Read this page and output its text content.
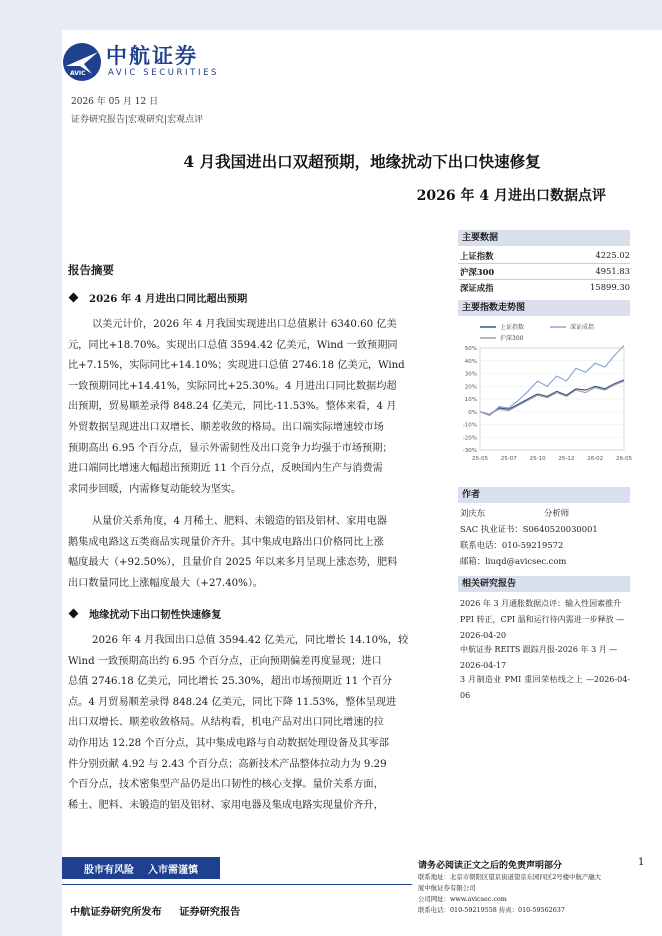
AVIC
中航证券
AVIC SECURITIES
2026 年 05 月 12 日
证券研究报告|宏观研究|宏观点评
4 月我国进出口双超预期，地缘扰动下出口快速修复
2026 年 4 月进出口数据点评
报告摘要
2026 年 4 月进出口同比超出预期
以美元计价，2026 年 4 月我国实现进出口总值累计 6340.60 亿美
元，同比+18.70%。实现出口总值 3594.42 亿美元，Wind 一致预期同
比+7.15%，实际同比+14.10%；实现进口总值 2746.18 亿美元，Wind
一致预期同比+14.41%，实际同比+25.30%。4 月进出口同比数据均超
出预期，贸易顺差录得 848.24 亿美元，同比-11.53%。整体来看，4 月
外贸数据呈现进出口双增长、顺差收敛的格局。出口端实际增速较市场
预期高出 6.95 个百分点，显示外需韧性及出口竞争力均强于市场预期；
进口端同比增速大幅超出预期近 11 个百分点，反映国内生产与消费需
求同步回暖，内需修复动能较为坚实。
从量价关系角度，4 月稀土、肥料、未锻造的铝及铝材、家用电器
鹅集成电路这五类商品实现量价齐升。其中集成电路出口价格同比上涨
幅度最大（+92.50%），且量价自 2025 年以来多月呈现上涨态势，肥料
出口数量同比上涨幅度最大（+27.40%）。
地缘扰动下出口韧性快速修复
2026 年 4 月我国出口总值 3594.42 亿美元，同比增长 14.10%，较
Wind 一致预期高出约 6.95 个百分点，正向预期偏差再度显现；进口
总值 2746.18 亿美元，同比增长 25.30%，超出市场预期近 11 个百分
点。4 月贸易顺差录得 848.24 亿美元，同比下降 11.53%，整体呈现进
出口双增长、顺差收敛格局。从结构看，机电产品对出口同比增速的拉
动作用达 12.28 个百分点，其中集成电路与自动数据处理设备及其零部
件分别贡献 4.92 与 2.43 个百分点；高新技术产品整体拉动力为 9.29
个百分点，技术密集型产品仍是出口韧性的核心支撑。量价关系方面，
稀土、肥料、未锻造的铝及铝材、家用电器及集成电路实现量价齐升，
主要数据
上证指数	4225.02
沪深300	4951.83
深证成指	15899.30
主要指数走势图
50%
40%
30%
20%
10%
0%
-10%
-20%
-30%
25-05 25-07 25-10 25-12 26-02 26-05
上证指数	深证成指
沪深300
作者
刘庆东	分析师
SAC 执业证书：S0640520030001
联系电话：010-59219572
邮箱：liuqd@avicsec.com
相关研究报告
2026 年 3 月通胀数据点评：输入性因素推升
PPI 转正，CPI 温和运行待内需进一步释放 —
2026-04-20
中航证券 REITS 跟踪月报-2026 年 3 月 —
2026-04-17
3 月制造业 PMI 重回荣枯线之上 —2026-04-06
股市有风险 入市需谨慎
中航证券研究所发布 证券研究报告
请务必阅读正文之后的免责声明部分	1
联系地址：北京市朝阳区望京街道望京东园四区2号楼中航产融大
厦中航证券有限公司
公司网址：www.avicsec.com
联系电话：010-59219558 传真：010-59562637
